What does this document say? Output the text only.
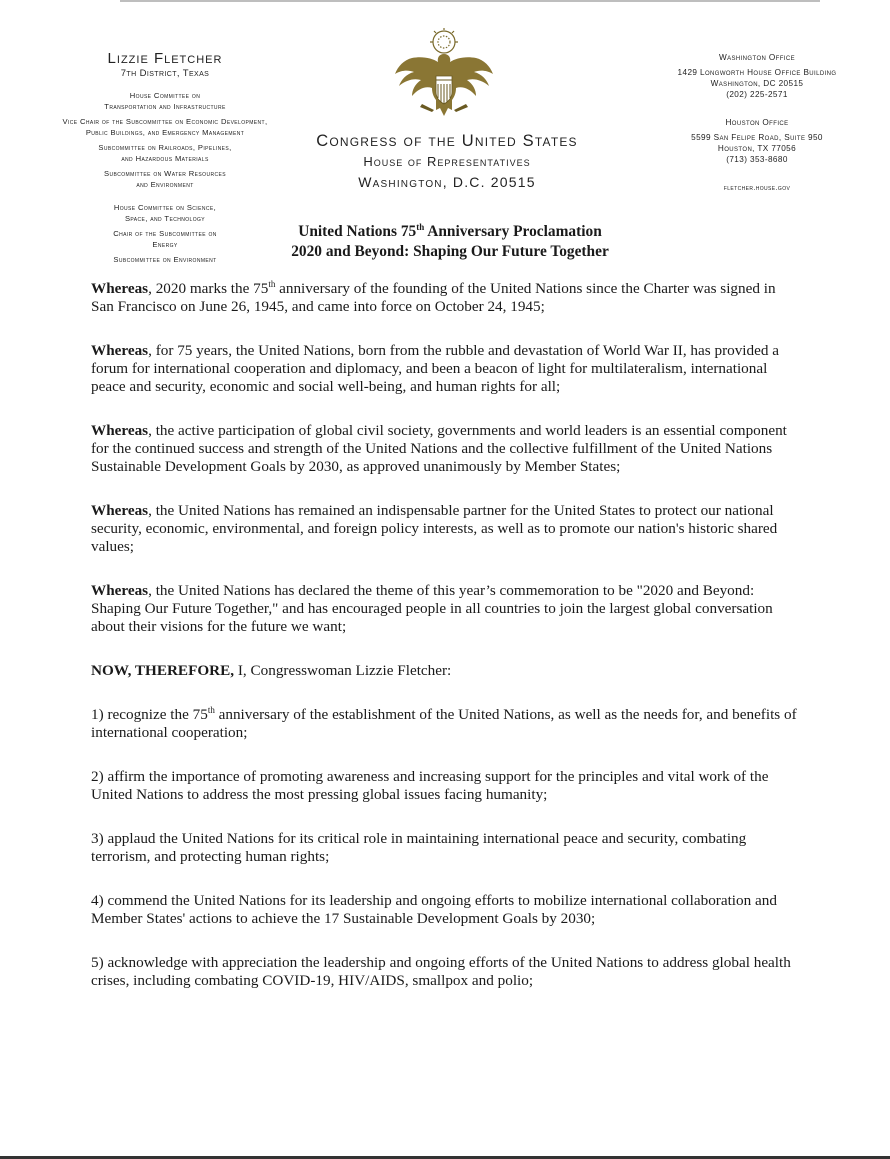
Lizzie Fletcher

7th District, Texas

House Committee on
Transportation and Infrastructure
Vice Chair of the Subcommittee on Economic Development,
Public Buildings, and Emergency Management
Subcommittee on Railroads, Pipelines,
and Hazardous Materials
Subcommittee on Water Resources
and Environment
House Committee on Science,
Space, and Technology
Chair of the Subcommittee on
Energy
Subcommittee on Environment
Congress of the United States
House of Representatives
Washington, D.C. 20515

Washington Office

1429 Longworth House Office Building

Washington, DC 20515

(202) 225-2571

Houston Office

5599 San Felipe Road, Suite 950

Houston, TX 77056

(713) 353-8680

fletcher.house.gov

United Nations 75th Anniversary Proclamation
2020 and Beyond: Shaping Our Future Together

Whereas, 2020 marks the 75th anniversary of the founding of the United Nations since the Charter was signed in San Francisco on June 26, 1945, and came into force on October 24, 1945;

Whereas, for 75 years, the United Nations, born from the rubble and devastation of World War II, has provided a forum for international cooperation and diplomacy, and been a beacon of light for multilateralism, international peace and security, economic and social well-being, and human rights for all;

Whereas, the active participation of global civil society, governments and world leaders is an essential component for the continued success and strength of the United Nations and the collective fulfillment of the United Nations Sustainable Development Goals by 2030, as approved unanimously by Member States;

Whereas, the United Nations has remained an indispensable partner for the United States to protect our national security, economic, environmental, and foreign policy interests, as well as to promote our nation's historic shared values;

Whereas, the United Nations has declared the theme of this year’s commemoration to be "2020 and Beyond: Shaping Our Future Together," and has encouraged people in all countries to join the largest global conversation about their visions for the future we want;

NOW, THEREFORE, I, Congresswoman Lizzie Fletcher:

1) recognize the 75th anniversary of the establishment of the United Nations, as well as the needs for, and benefits of international cooperation;

2) affirm the importance of promoting awareness and increasing support for the principles and vital work of the United Nations to address the most pressing global issues facing humanity;

3) applaud the United Nations for its critical role in maintaining international peace and security, combating terrorism, and protecting human rights;

4) commend the United Nations for its leadership and ongoing efforts to mobilize international collaboration and Member States' actions to achieve the 17 Sustainable Development Goals by 2030;

5) acknowledge with appreciation the leadership and ongoing efforts of the United Nations to address global health crises, including combating COVID-19, HIV/AIDS, smallpox and polio;
